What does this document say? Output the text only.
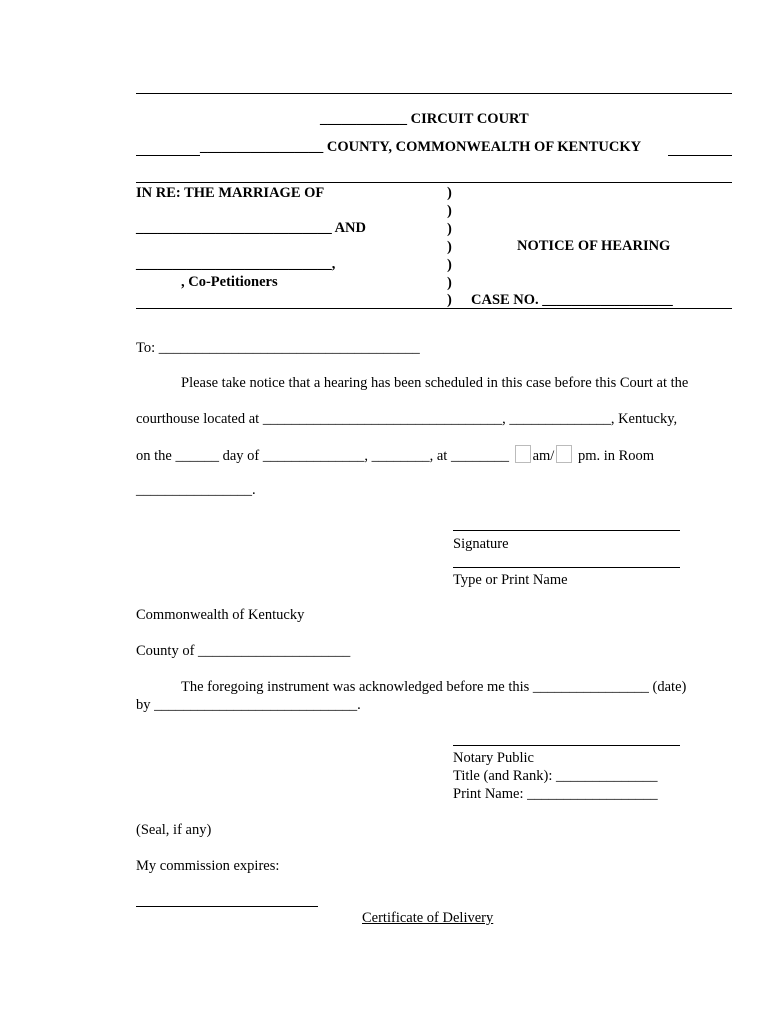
____________ CIRCUIT COURT
_________________ COUNTY, COMMONWEALTH OF KENTUCKY
IN RE: THE MARRIAGE OF
___________________________ AND
___________________________,
, Co-Petitioners
)
)
)
)
)
)
)
NOTICE OF HEARING
CASE NO. __________________
To: ____________________________________
Please take notice that a hearing has been scheduled in this case before this Court at the
courthouse located at _________________________________, ______________, Kentucky,
on the ______ day of ______________, ________, at ________ am/ pm. in Room
________________.
Signature
Type or Print Name
Commonwealth of Kentucky
County of _____________________
The foregoing instrument was acknowledged before me this ________________ (date)
by ____________________________.
Notary Public
Title (and Rank): ______________
Print Name: __________________
(Seal, if any)
My commission expires:
Certificate of Delivery
